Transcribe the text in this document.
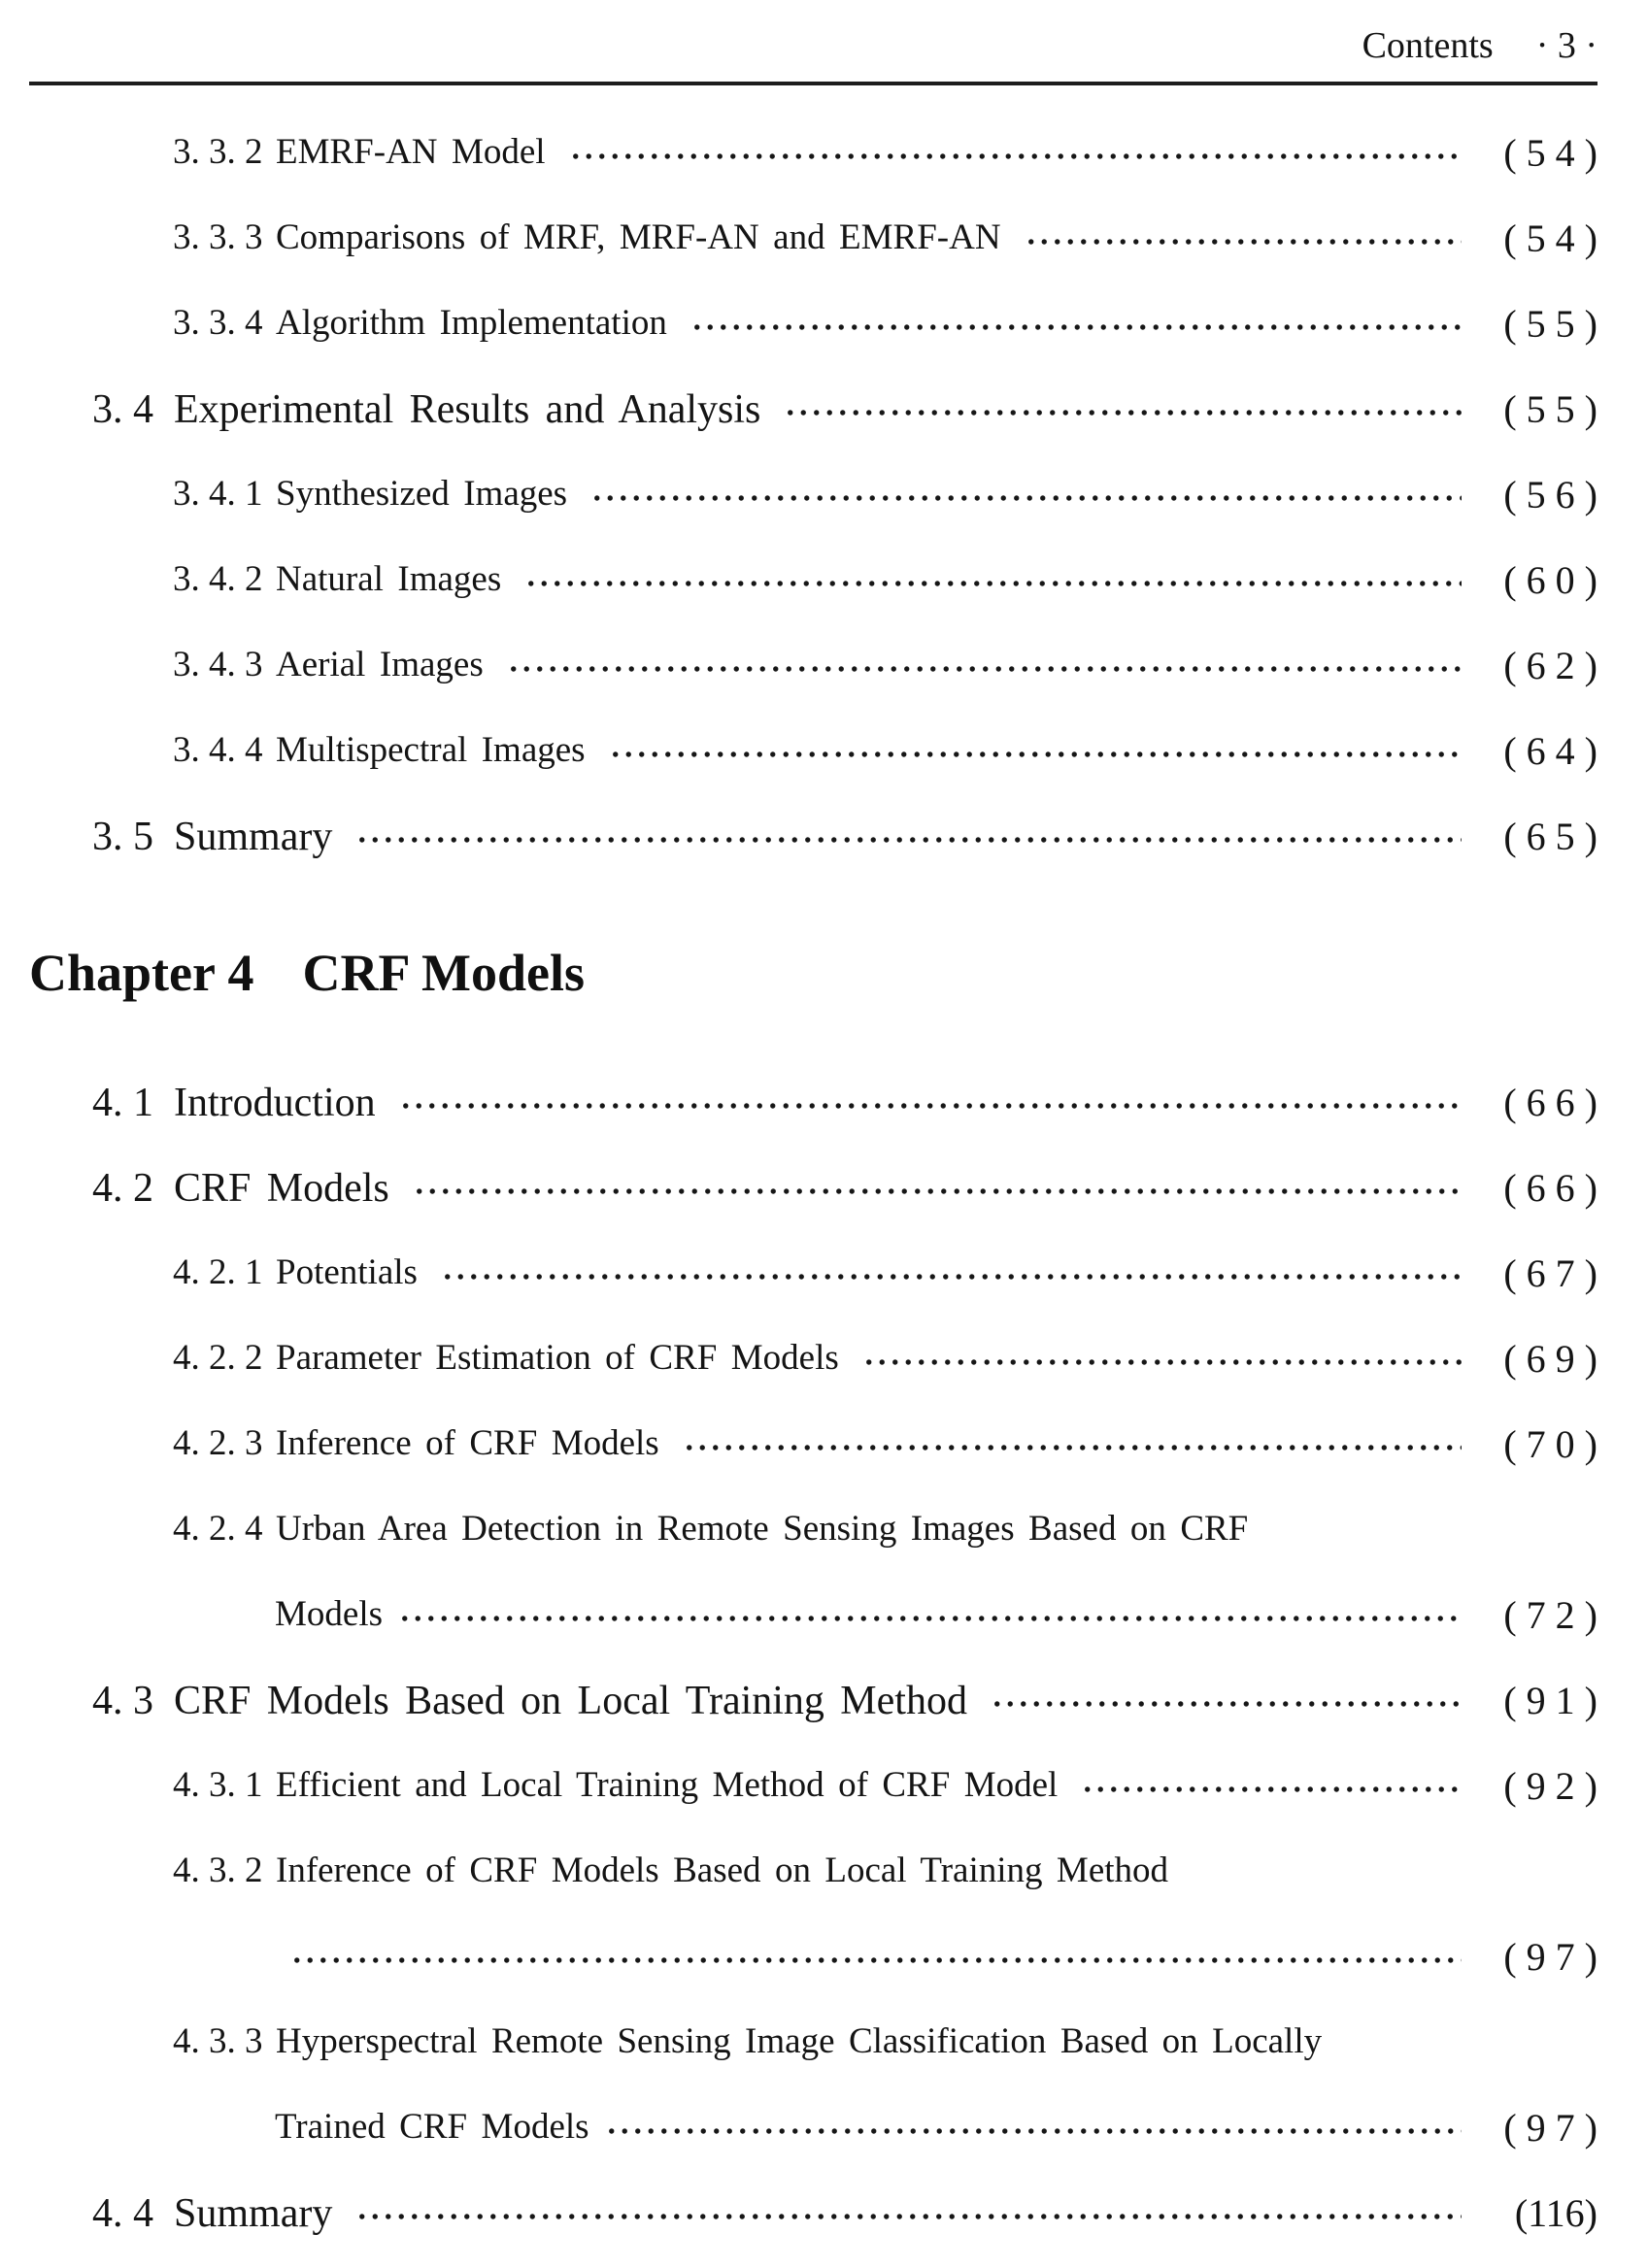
Contents · 3 ·
3. 3. 2 EMRF-AN Model	( 5 4 )
3. 3. 3 Comparisons of MRF, MRF-AN and EMRF-AN	( 5 4 )
3. 3. 4 Algorithm Implementation	( 5 5 )
3. 4 Experimental Results and Analysis	( 5 5 )
3. 4. 1 Synthesized Images	( 5 6 )
3. 4. 2 Natural Images	( 6 0 )
3. 4. 3 Aerial Images	( 6 2 )
3. 4. 4 Multispectral Images	( 6 4 )
3. 5 Summary	( 6 5 )
Chapter 4 CRF Models
4. 1 Introduction	( 6 6 )
4. 2 CRF Models	( 6 6 )
4. 2. 1 Potentials	( 6 7 )
4. 2. 2 Parameter Estimation of CRF Models	( 6 9 )
4. 2. 3 Inference of CRF Models	( 7 0 )
4. 2. 4 Urban Area Detection in Remote Sensing Images Based on CRF
Models	( 7 2 )
4. 3 CRF Models Based on Local Training Method	( 9 1 )
4. 3. 1 Efficient and Local Training Method of CRF Model	( 9 2 )
4. 3. 2 Inference of CRF Models Based on Local Training Method
( 9 7 )
4. 3. 3 Hyperspectral Remote Sensing Image Classification Based on Locally
Trained CRF Models	( 9 7 )
4. 4 Summary	(116)
